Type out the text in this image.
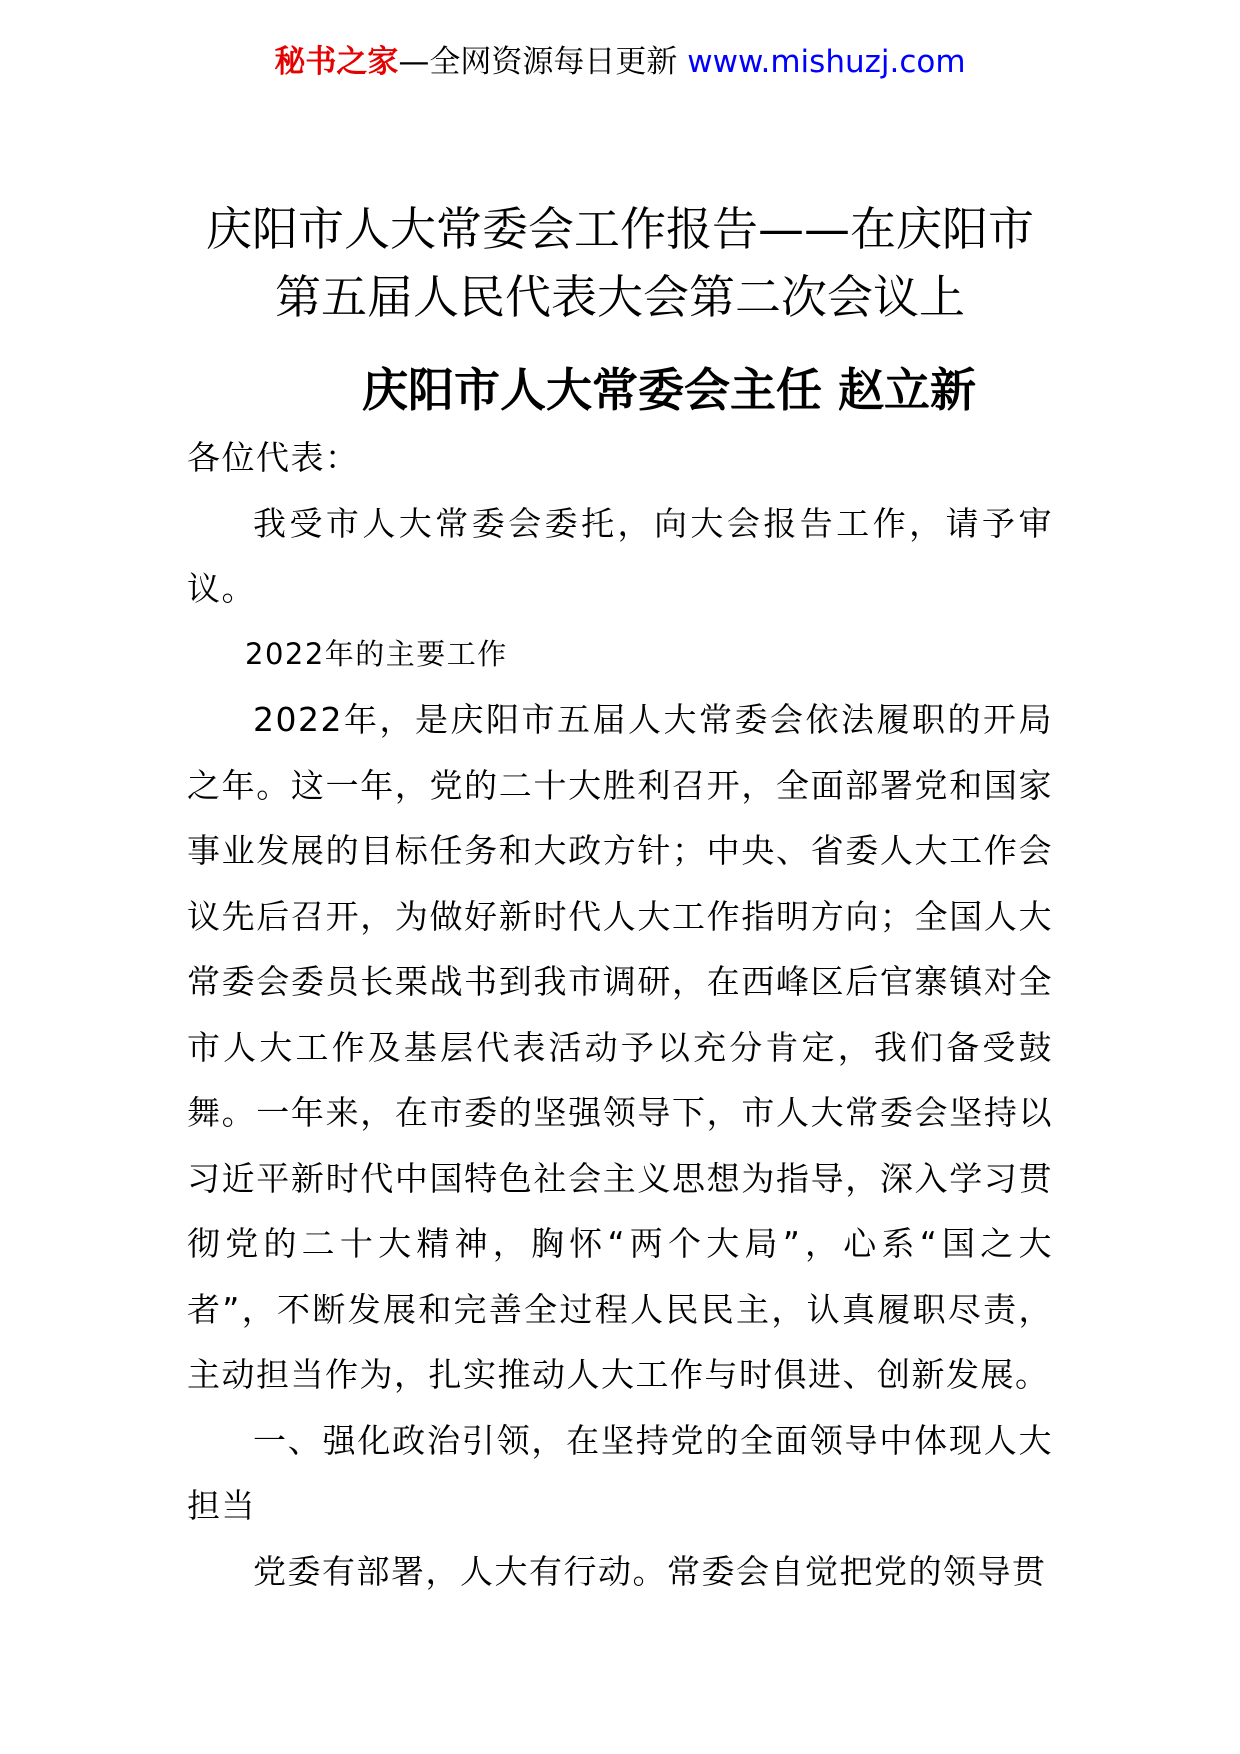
秘书之家—全网资源每日更新 www.mishuzj.com
庆阳市人大常委会工作报告——在庆阳市
第五届人民代表大会第二次会议上
庆阳市人大常委会主任 赵立新

各位代表：

我受市人大常委会委托，向大会报告工作，请予审议。

2022年的主要工作

2022年，是庆阳市五届人大常委会依法履职的开局之年。这一年，党的二十大胜利召开，全面部署党和国家事业发展的目标任务和大政方针；中央、省委人大工作会议先后召开，为做好新时代人大工作指明方向；全国人大常委会委员长栗战书到我市调研，在西峰区后官寨镇对全市人大工作及基层代表活动予以充分肯定，我们备受鼓舞。一年来，在市委的坚强领导下，市人大常委会坚持以习近平新时代中国特色社会主义思想为指导，深入学习贯彻党的二十大精神，胸怀“两个大局”，心系“国之大者”，不断发展和完善全过程人民民主，认真履职尽责，主动担当作为，扎实推动人大工作与时俱进、创新发展。

一、强化政治引领，在坚持党的全面领导中体现人大担当

党委有部署，人大有行动。常委会自觉把党的领导贯
